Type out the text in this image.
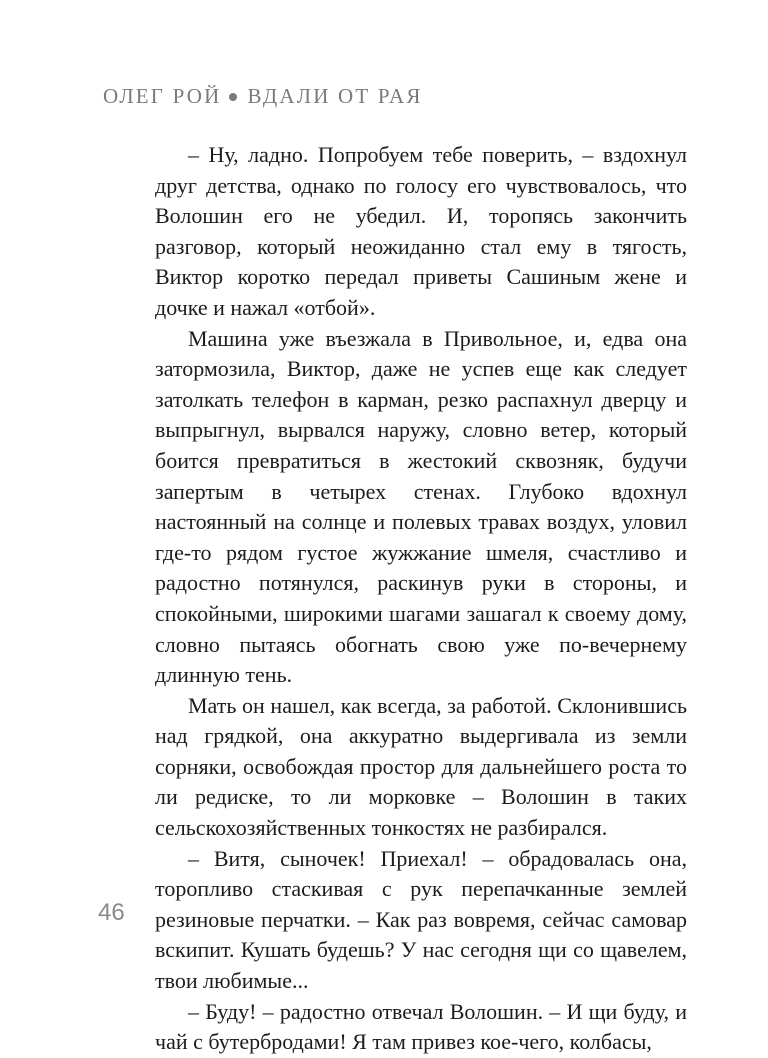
ОЛЕГ РОЙ ВДАЛИ ОТ РАЯ

– Ну, ладно. Попробуем тебе поверить, – вздохнул друг детства, однако по голосу его чувствовалось, что Волошин его не убедил. И, торопясь закончить разговор, который неожиданно стал ему в тягость, Виктор коротко передал приветы Сашиным жене и дочке и нажал «отбой».

Машина уже въезжала в Привольное, и, едва она затормозила, Виктор, даже не успев еще как следует затолкать телефон в карман, резко распахнул дверцу и выпрыгнул, вырвался наружу, словно ветер, который боится превратиться в жестокий сквозняк, будучи запертым в четырех стенах. Глубоко вдохнул настоянный на солнце и полевых травах воздух, уловил где-то рядом густое жужжание шмеля, счастливо и радостно потянулся, раскинув руки в стороны, и спокойными, широкими шагами зашагал к своему дому, словно пытаясь обогнать свою уже по-вечернему длинную тень.

Мать он нашел, как всегда, за работой. Склонившись над грядкой, она аккуратно выдергивала из земли сорняки, освобождая простор для дальнейшего роста то ли редиске, то ли морковке – Волошин в таких сельскохозяйственных тонкостях не разбирался.

– Витя, сыночек! Приехал! – обрадовалась она, торопливо стаскивая с рук перепачканные землей резиновые перчатки. – Как раз вовремя, сейчас самовар вскипит. Кушать будешь? У нас сегодня щи со щавелем, твои любимые...

– Буду! – радостно отвечал Волошин. – И щи буду, и чай с бутербродами! Я там привез кое-чего, колбасы,

46
